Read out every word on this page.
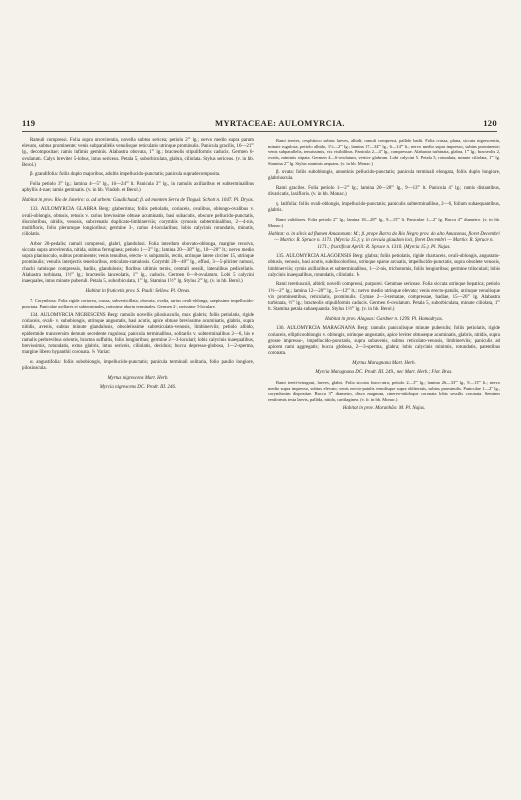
119	MYRTACEAE: AULOMYRCIA.	120

Ramuli compressi. Folia supra utrovirentia, novella subtus sericea; petiolo 2''' lg.; nervo medio supra parum elevato, subtus prominente; venis subparallelis venulisque reticulatis utrinque prominulis. Panicula gracilis, 16—21''' lg., decompositae; ramis infimis geminis. Alabastra obovata, 1''' lg.; bracteolis stipuliformis caducis. Germen 6-ovulatum. Calyx breviter 5-lobus, intus sericeus. Petala 5, suborbiculata, glabra, ciliolata. Stylus sericeus. (v. in hb. Berol.)

β. grandifolia: foliis duplo majoribus, adultis impellucido-punctatis; panicula supradecomposita.

Folia petiolo 3''' lg.; lamina 4—5'' lg., 16—24''' lt. Panicula 3''' lg., in ramulis axillaribus et subterminalibus aphyllis 4-nae; ramis geminatis. (v. in hb. Vindob. et Berol.)

Habitat in prov. Rio de Janeiro: α. ad urbem: Gaudichaud; β. ad montem Serra de Tinguá: Schott n. 1047. Pl. Dryas.

133. AULOMYRCIA GLABRA Berg: glaberrima; foliis petiolatis, coriaceis, ovalibus, oblongo-ovalibus v. ovali-oblongis, obtusis, retusis v. rarius brevissime obtuse acuminatis, basi subacutis, obscure pellucido-punctatis, discoloribus, nitidis, venosis, subcrenatis duplicato-limbinerviis; corymbis cymosis subterminalibus, 2—4-nis, multifloris, folio plerumque longioribus; germine 3-, rarius 4-locularibus; lobis calycinis rotundatis, minutis, ciliolatis.

Arbor 20-pedalis; ramuli compressi, glabri, glandulosi. Folia interdum obovato-oblonga, margine recurva, siccata supra atrovirentia, nitida, subtus ferruginea; petiolo 1—3''' lg.; lamina 20—38''' lg., 10—20''' lt.; nervo medio supra planiusculo, subtus prominente; venis tenuibus, erecto- v. subpatulis, rectis, utrinque latere circiter 15, utrinque prominulis; venulis interjectis tenerioribus, reticulato-ramulosis. Corymbi 20—40''' lg., effusi, 3—5-pliciter ramosi, chachi ramisque compressis, badiis, glandulosis; floribus ultimis ternis, centrali sessili, lateralibus pedicellatis. Alabastra turbinata, 1½''' lg.; bracteolis lanceolatis, 1''' lg., caducis. Germen 6—8-ovulatum. Lobi 5 calycini inaequales, intus minute puberuli. Petala 5, suborbiculata, 1''' lg. Stamina 1½''' lg. Stylus 2''' lg. (v. in hb. Berol.)

Habitat in fruticetis prov. S. Pauli: Sellow. Pl. Oreas.

7. Corymbosa. Folia rigide coriacea, crassa, subverticillata, obovata, ovalia, rarius ovali-oblonga, saepissime impellucido-punctata. Paniculae axillares et subterminales, rarissime abortu terminales. Germen 2-, rarissime 3-loculare.

134. AULOMYRCIA NIGRESCENS Berg: ramulis novellis pilosiusculis, mox glabris; foliis petiolatis, rigide coriaceis, ovali- v. subobiongis, utrinque angustatis, basi acutis, apice obtuse brevissime acuminatis, glabris, supra nitidis, avenis, subtus minute glandulosis, obsoletissime subreticulato-venosis, limbinerviis; petiolo albido, epidermide transversim demum secedente rugulosa; panicula terminalibus, solitariis v. subterminalibus 2—6, his e ramulis perbrevibus orientis, bractea suffultis, folio longioribus; germine 2—3-loculari; lobis calycinis inaequalibus, brevissimis, rotundatis, extus glabris, intus sericeis, ciliolatis, deciduis; bucca depresso-globosa, 1—2-sperma, margine libero hypanthii coronata. ♄ Variat:

α. angustifolia: foliis subobiongis, impellucido-punctatis; panicula terminali solitaria, folio paullo longiore, pilosiuscula.

Myrtus nigrescens Mart. Herb.

Myrcia nigrescens DC. Prodr. III. 246.

Rami teretes, cesphitoco subtus laeves, albidi; ramuli compressi, pallide badii. Folia crassa, plana, siccata nigrescentia, minute rugulosa; petiolo albido, 1½—2''' lg.; lamina 17—34''' lg., 6—14''' lt.; nervo medio supra impresso, subtus prominente; venis subparallelis, tenuissimis, vix visibilibus. Panicula 2—4'' lg., compressae. Alabastra turbinata, glabra, 1''' lg.; bracteolis 2, ovatis, minimis stipata. Germen 4—6-ovulatum, vertice glabrum. Lobi calycini 5. Petala 5, rotundata, minute ciliolata, 1''' lg. Stamina 2''' lg. Stylus staminis aequans. (v. in hb. Monac.)

β. ovata: foliis suboblongis, annotinis pellucido-punctatis; panicula terminali elongata, foliis duplo longiore, glabriuscula.

Rami graciles. Folia petiolo 1—2''' lg.; lamina 20—28''' lg., 9—13''' lt. Panicula 4'' lg.; ramis distantibus, divaricatis, laxifloris. (v. in hb. Monac.)

γ. latifolia: foliis ovali-oblongis, impellucido-punctatis; paniculis subterminalibus, 2—6, folium subaequantibus, glabris.

Rami validiores. Folia petiolo 2''' lg.; lamina 18—28''' lg., 9—15''' lt. Paniculae 1—2'' lg. Bucca 4''' diametro. (v. in hb. Monac.)

Habitat: α. in silvis ad flumen Amazonum: M.; β. prope Barra do Rio Negro prov. do alto Amazonas, floret Decembri — Martio: R. Spruce n. 1171. (Myrcia 15.); γ. in ciecuia glaudom loci, floret Decembri — Martio: R. Spruce n. 1171.; fructificat Aprili: R. Spruce n. 1310. (Myrcia 15.). Pl. Najas.

135. AULOMYRCIA ALAGOENSIS Berg: glabra; foliis petiolatis, rigide chartaceis, ovali-oblongis, angustato-obtusis, venosis, basi acutis, subdiscoloribus, utrinque sparse arcuatis, impellucido-punctatis, supra obsolete venosis, limbinerviis; cymis axillaribus et subterminalibus, 1—2-nis, trichotomis, foliis longioribus; germine triloculari; lobis calycinis inaequalibus, rotundatis, ciliolatis. ♄

Rami teretiusculi, albidi; novelli compressi, purpurei. Gemmae sericeae. Folia siccata utrinque hepatica; petiolo 1½—2''' lg.; lamina 12—20''' lg., 5—12''' lt.; nervo medio utrinque elevato; venis erecto-patulis, utrinque venulisque vix prominentibus, reticulatis, prominulis. Cymae 2—3-ternatae, compressae, badiae, 15—26''' lg. Alabastra turbinata, ½''' lg.; bracteolis stipuliformis caducis. Germen 6-ovulatum. Petala 5, suborbiculata, minute ciliolata, 1''' lt. Stamina petala subaequantia. Stylus 1⅔''' lg. (v. in hb. Berol.)

Habitat in prov. Alagoas: Gardner n. 1299. Pl. Hamadryas.

136. AULOMYRCIA MARAGNANA Berg: ramulis paniculisque minute puberulis; foliis petiolatis, rigide coriaceis, ellipticooblongis v. oblongis, utrinque angustatis, apice leviter obtuseque acuminatis, glabris, nitidis, supra grosse impresso-, impellucido-punctatis, supra subavenis, subtus reticulato-venosis, limbinerviis; paniculis ad apicem rami aggregatis; bucca globosa, 2—3-sperma, glabra; lobis calycinis minimis, rotundatis, patentibus coronata.

Myrtus Maragnana Mart. Herb.

Myrcia Maragnana DC. Prodr. III. 249., nec Mart. Herb.; Flor. Bras.

Rami tereti-tetragoni, laeves, glabri. Folia siccata fusco-atra; petiolo 2—3''' lg.; lamina 26—33''' lg., 9—13''' lt.; nervo medio supra impresso, subtus elevato; venis erecto-patulis venulisque supra obliteratis, subtus prominulis. Paniculae 1—2'' lg., corymbosim dispositae. Bucca 3''' diametro, disco magnum, cinereo-nitidoque coronata lobis sessilis coronata. Semines reniformis testa laevis, pallida, nitida, cartilaginea. (v. fr. in hb. Monac.)

Habitat in prov. Maranhão: M. Pl. Najas.
